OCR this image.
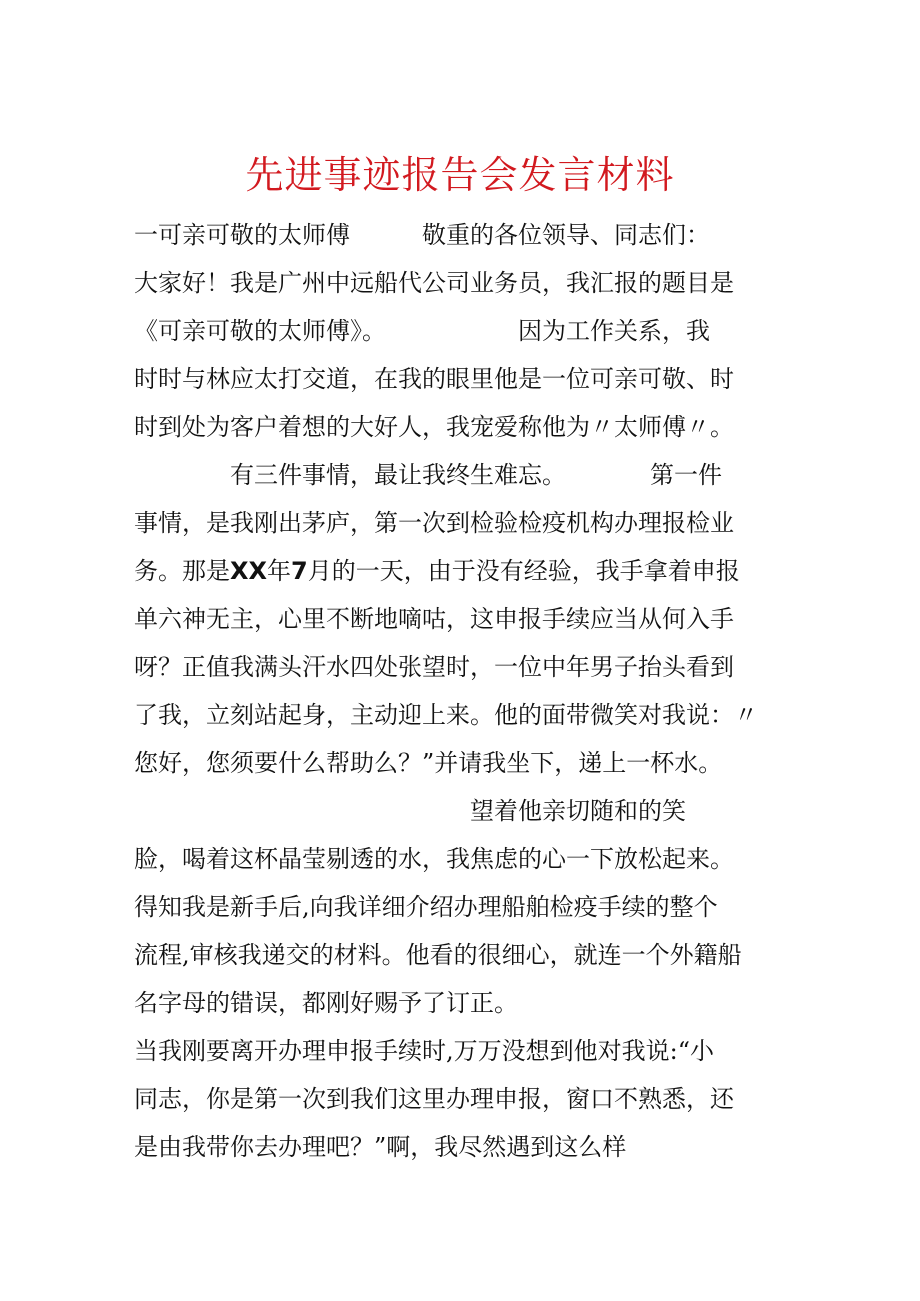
先进事迹报告会发言材料
一可亲可敬的太师傅　　　敬重的各位领导、同志们：
大家好！我是广州中远船代公司业务员，我汇报的题目是
《可亲可敬的太师傅》。　　　　　　因为工作关系，我
时时与林应太打交道，在我的眼里他是一位可亲可敬、时
时到处为客户着想的大好人，我宠爱称他为〃太师傅〃。
　　　　有三件事情，最让我终生难忘。　　　　第一件
事情，是我刚出茅庐，第一次到检验检疫机构办理报检业
务。那是XX年7月的一天，由于没有经验，我手拿着申报
单六神无主，心里不断地嘀咕，这申报手续应当从何入手
呀？正值我满头汗水四处张望时，一位中年男子抬头看到
了我，立刻站起身，主动迎上来。他的面带微笑对我说：〃
您好，您须要什么帮助么？”并请我坐下，递上一杯水。
　　　　　　　　　　　　　　望着他亲切随和的笑
脸，喝着这杯晶莹剔透的水，我焦虑的心一下放松起来。
得知我是新手后,向我详细介绍办理船舶检疫手续的整个
流程,审核我递交的材料。他看的很细心，就连一个外籍船
名字母的错误，都刚好赐予了订正。
当我刚要离开办理申报手续时,万万没想到他对我说:“小
同志，你是第一次到我们这里办理申报，窗口不熟悉，还
是由我带你去办理吧？”啊，我尽然遇到这么样
